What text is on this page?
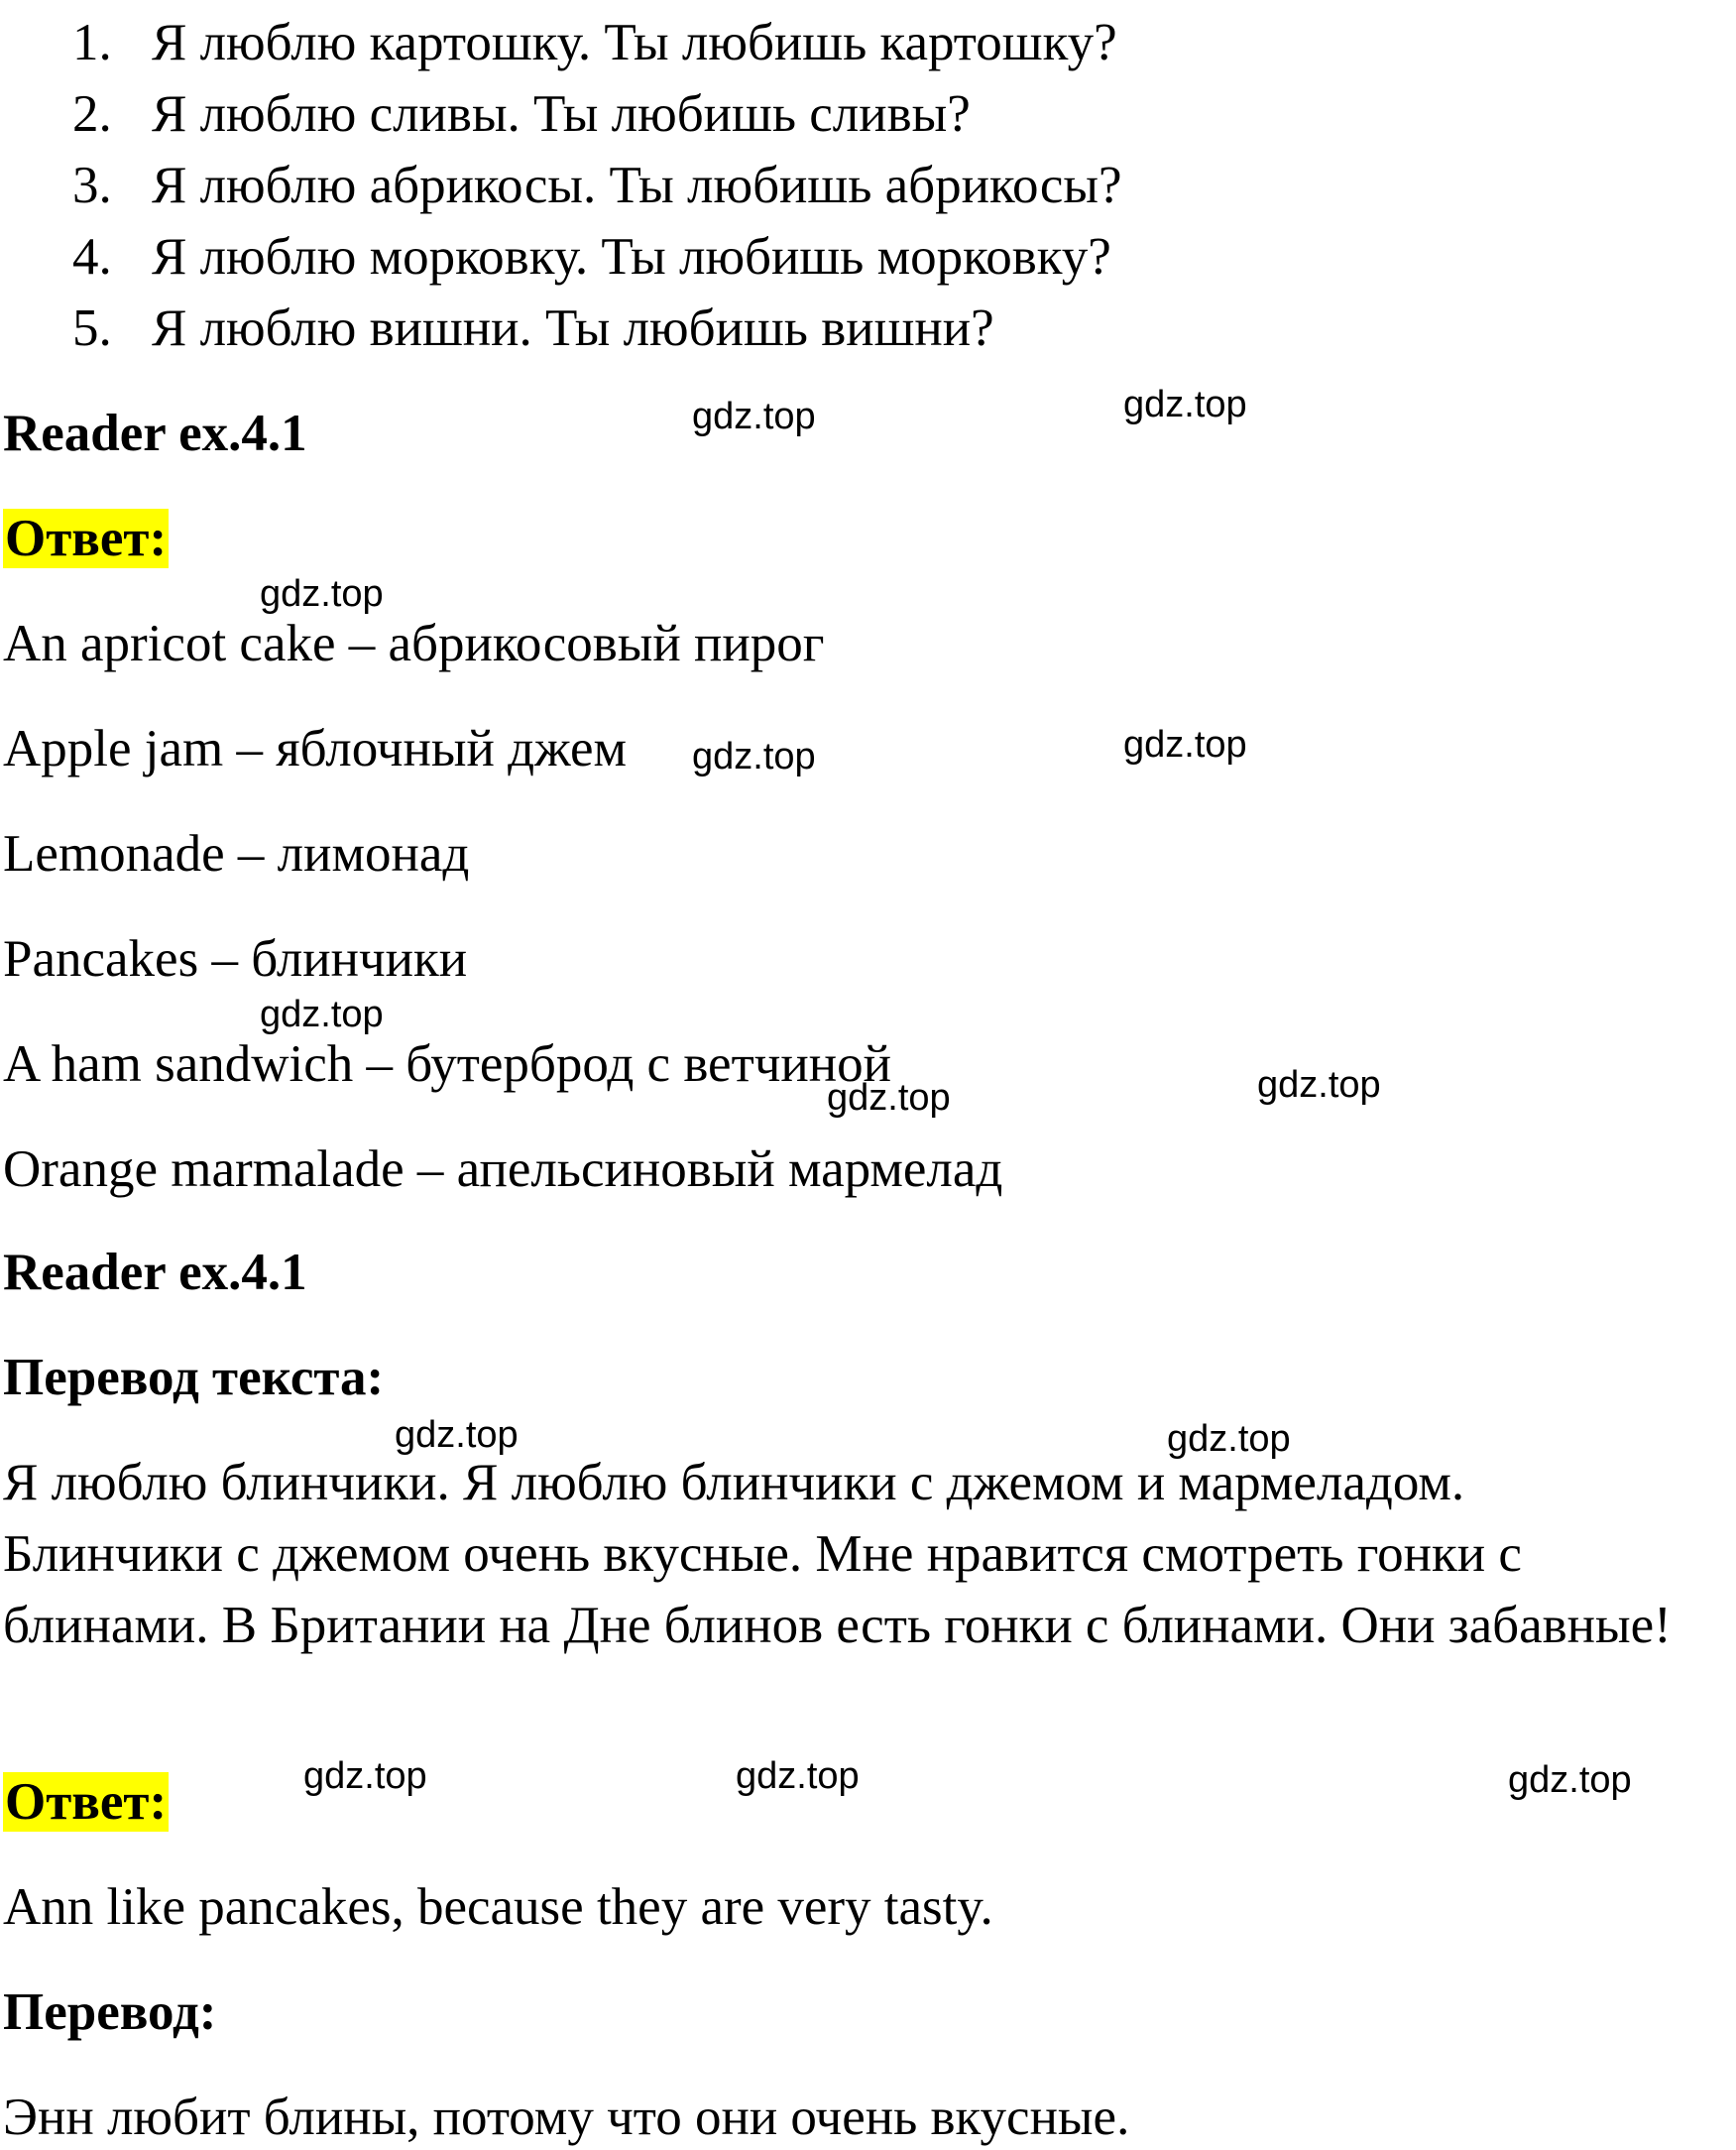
1. Я люблю картошку. Ты любишь картошку?
2. Я люблю сливы. Ты любишь сливы?
3. Я люблю абрикосы. Ты любишь абрикосы?
4. Я люблю морковку. Ты любишь морковку?
5. Я люблю вишни. Ты любишь вишни?
Reader ex.4.1
Ответ:
An apricot cake – абрикосовый пирог
Apple jam – яблочный джем
Lemonade – лимонад
Pancakes – блинчики
A ham sandwich – бутерброд с ветчиной
Orange marmalade – апельсиновый мармелад
Reader ex.4.1
Перевод текста:
Я люблю блинчики. Я люблю блинчики с джемом и мармеладом. Блинчики с джемом очень вкусные. Мне нравится смотреть гонки с блинами. В Британии на Дне блинов есть гонки с блинами. Они забавные!
Ответ:
Ann like pancakes, because they are very tasty.
Перевод:
Энн любит блины, потому что они очень вкусные.
gdz.top	gdz.top
gdz.top
gdz.top	gdz.top
gdz.top
gdz.top	gdz.top
gdz.top	gdz.top
gdz.top	gdz.top	gdz.top
